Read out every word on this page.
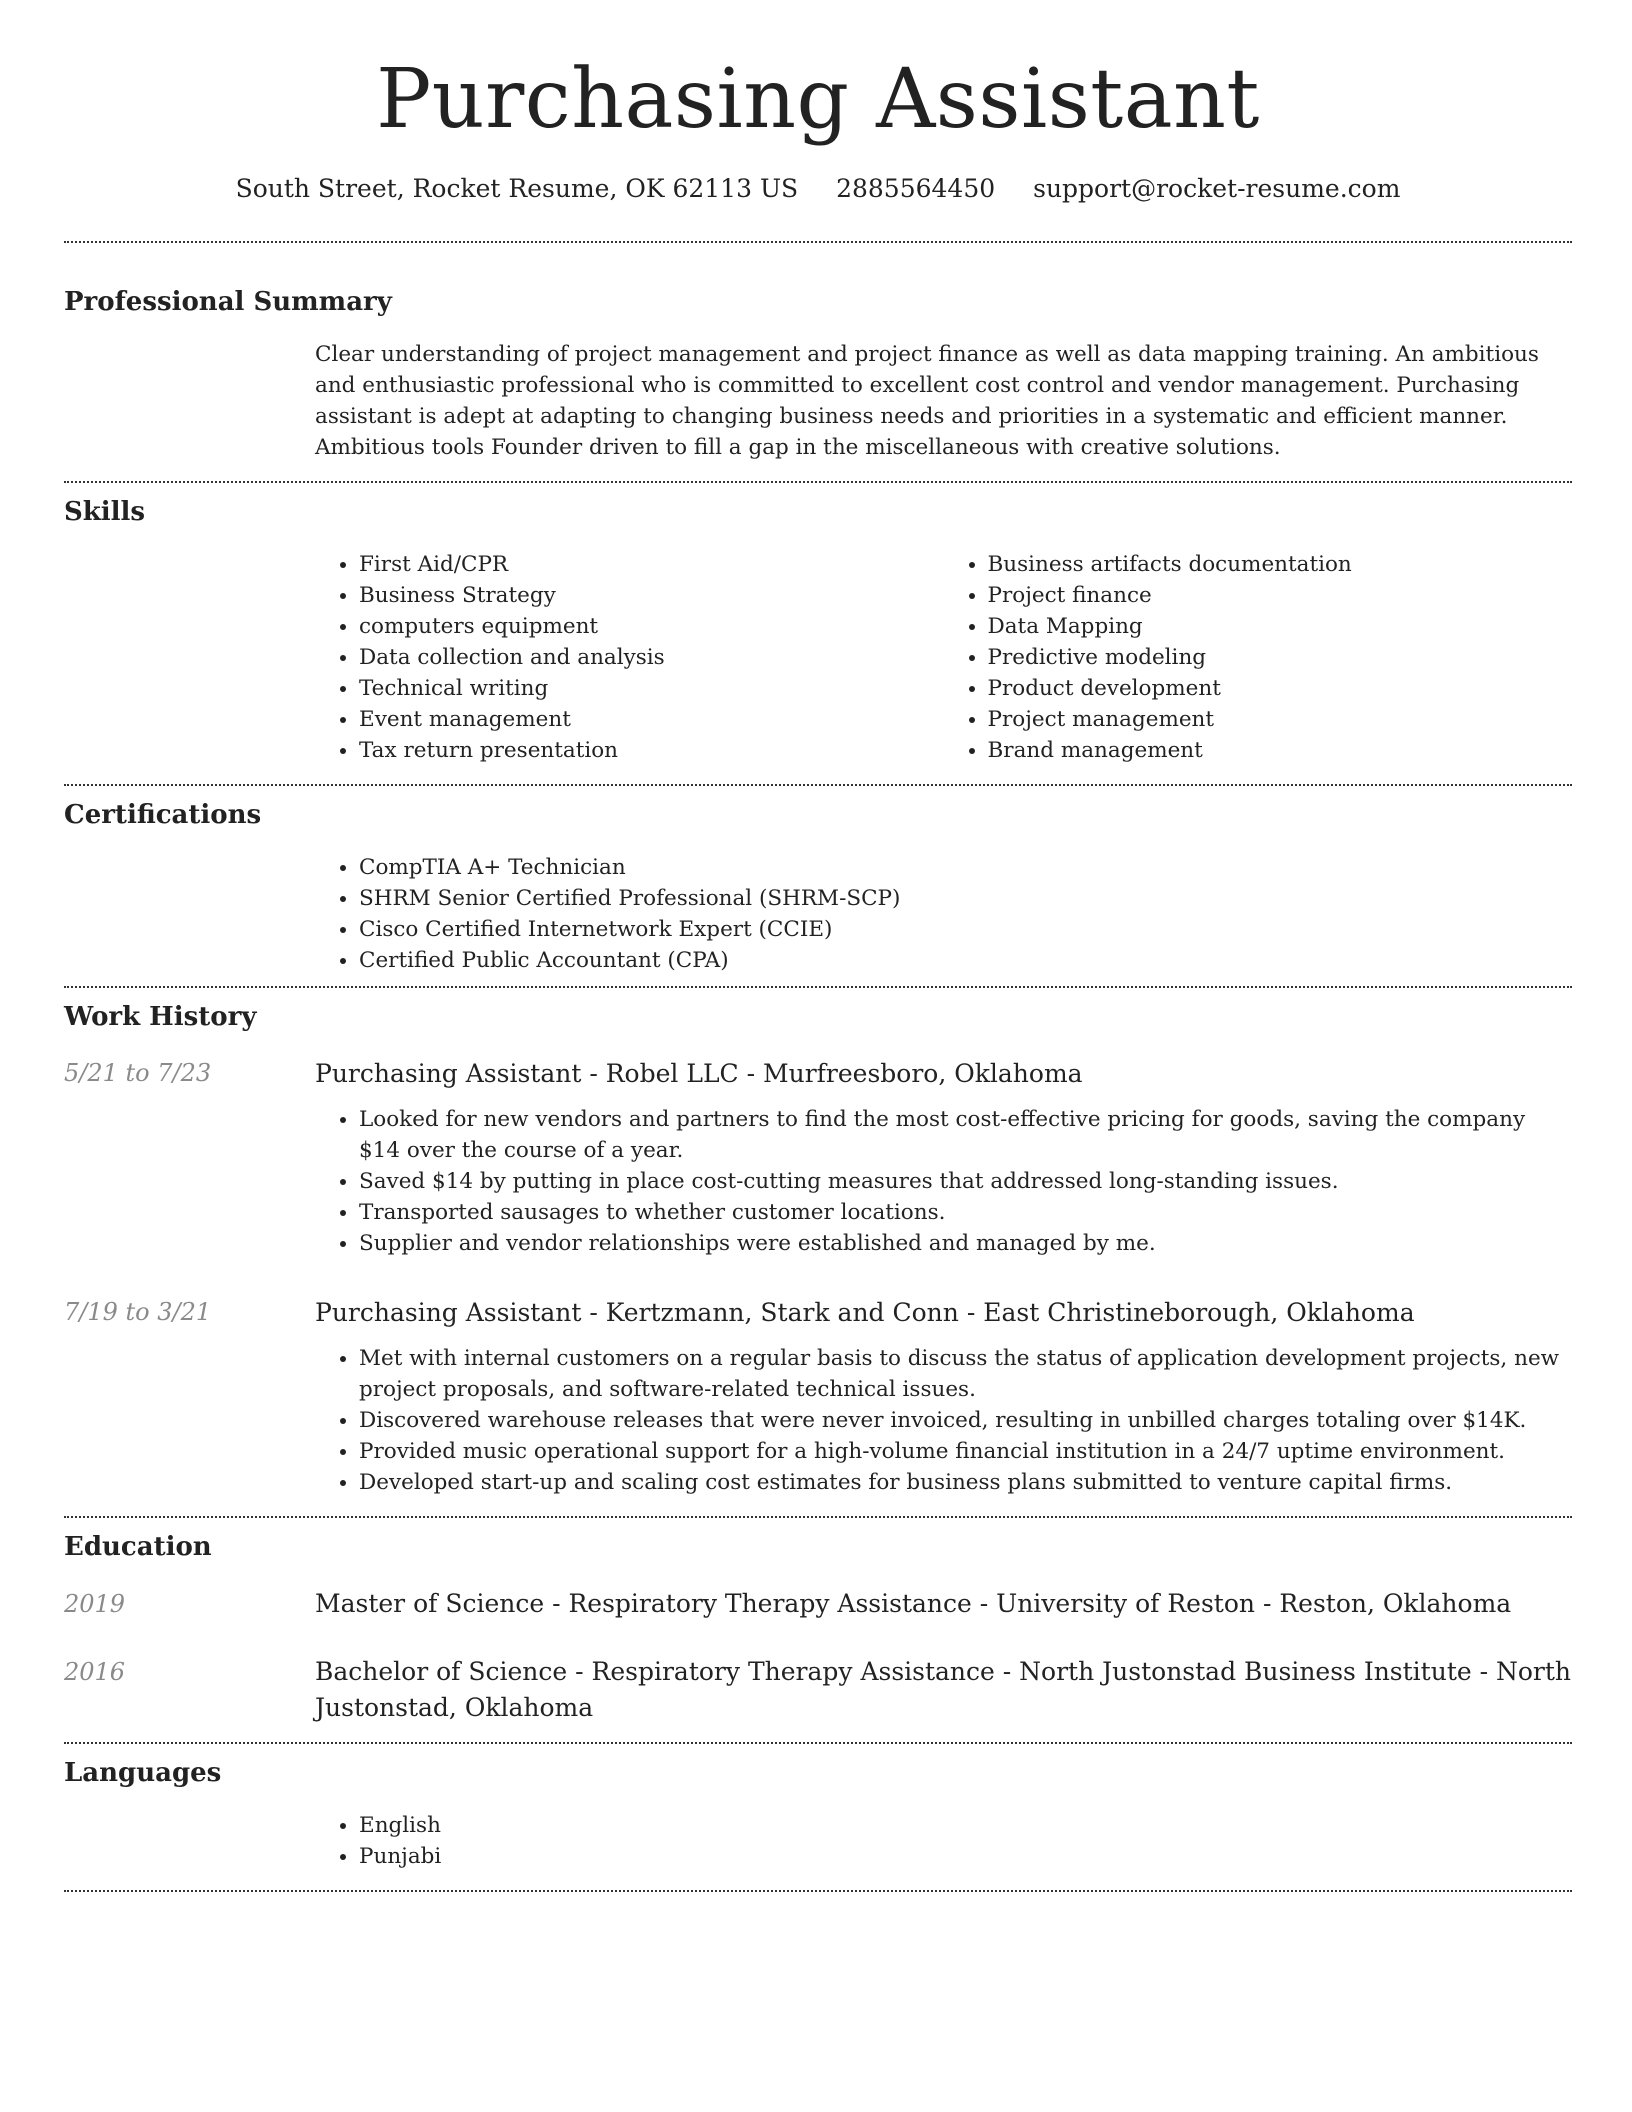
Purchasing Assistant
South Street, Rocket Resume, OK 62113 US 2885564450 support@rocket-resume.com
Professional Summary
Clear understanding of project management and project finance as well as data mapping training. An ambitious and enthusiastic professional who is committed to excellent cost control and vendor management. Purchasing assistant is adept at adapting to changing business needs and priorities in a systematic and efficient manner. Ambitious tools Founder driven to fill a gap in the miscellaneous with creative solutions.
Skills
• First Aid/CPR
• Business Strategy
• computers equipment
• Data collection and analysis
• Technical writing
• Event management
• Tax return presentation
• Business artifacts documentation
• Project finance
• Data Mapping
• Predictive modeling
• Product development
• Project management
• Brand management
Certifications
• CompTIA A+ Technician
• SHRM Senior Certified Professional (SHRM-SCP)
• Cisco Certified Internetwork Expert (CCIE)
• Certified Public Accountant (CPA)
Work History
5/21 to 7/23	Purchasing Assistant - Robel LLC - Murfreesboro, Oklahoma
• Looked for new vendors and partners to find the most cost-effective pricing for goods, saving the company $14 over the course of a year.
• Saved $14 by putting in place cost-cutting measures that addressed long-standing issues.
• Transported sausages to whether customer locations.
• Supplier and vendor relationships were established and managed by me.
7/19 to 3/21	Purchasing Assistant - Kertzmann, Stark and Conn - East Christineborough, Oklahoma
• Met with internal customers on a regular basis to discuss the status of application development projects, new project proposals, and software-related technical issues.
• Discovered warehouse releases that were never invoiced, resulting in unbilled charges totaling over $14K.
• Provided music operational support for a high-volume financial institution in a 24/7 uptime environment.
• Developed start-up and scaling cost estimates for business plans submitted to venture capital firms.
Education
2019	Master of Science - Respiratory Therapy Assistance - University of Reston - Reston, Oklahoma
2016	Bachelor of Science - Respiratory Therapy Assistance - North Justonstad Business Institute - North Justonstad, Oklahoma
Languages
• English
• Punjabi
